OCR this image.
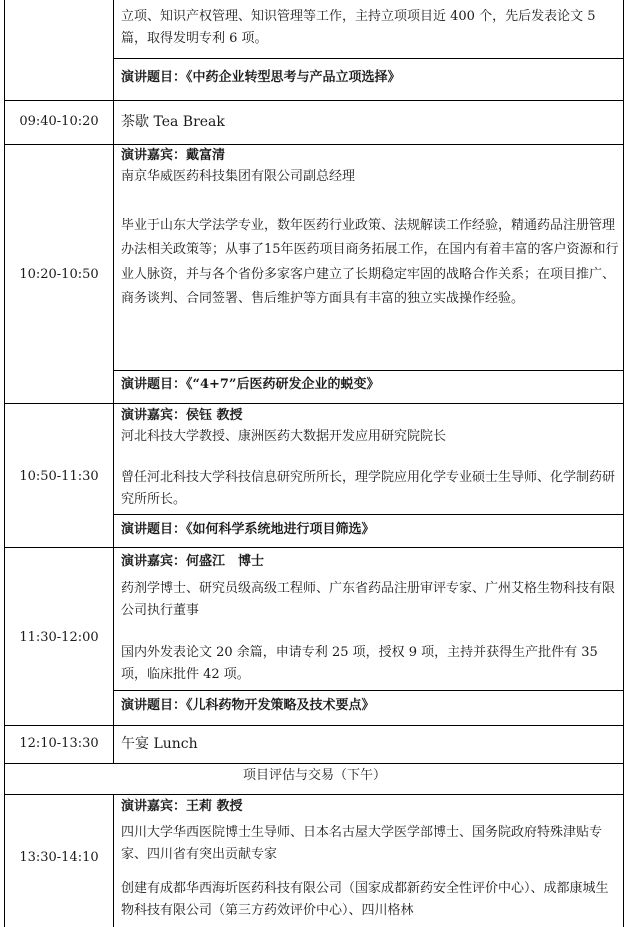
立项、知识产权管理、知识管理等工作，主持立项项目近 400 个，先后发表论文 5 篇，取得发明专利 6 项。
演讲题目：《中药企业转型思考与产品立项选择》
09:40-10:20	茶歇 Tea Break
10:20-10:50
演讲嘉宾：戴富清
南京华威医药科技集团有限公司副总经理
毕业于山东大学法学专业，数年医药行业政策、法规解读工作经验，精通药品注册管理办法相关政策等；从事了15年医药项目商务拓展工作，在国内有着丰富的客户资源和行业人脉资，并与各个省份多家客户建立了长期稳定牢固的战略合作关系；在项目推广、商务谈判、合同签署、售后维护等方面具有丰富的独立实战操作经验。
演讲题目：《“4+7”后医药研发企业的蜕变》
10:50-11:30
演讲嘉宾：侯钰 教授
河北科技大学教授、康洲医药大数据开发应用研究院院长
曾任河北科技大学科技信息研究所所长，理学院应用化学专业硕士生导师、化学制药研究所所长。
演讲题目：《如何科学系统地进行项目筛选》
11:30-12:00
演讲嘉宾：何盛江　博士
药剂学博士、研究员级高级工程师、广东省药品注册审评专家、广州艾格生物科技有限公司执行董事
国内外发表论文 20 余篇，申请专利 25 项，授权 9 项，主持并获得生产批件有 35 项，临床批件 42 项。
演讲题目：《儿科药物开发策略及技术要点》
12:10-13:30	午宴 Lunch
项目评估与交易（下午）
13:30-14:10
演讲嘉宾：王莉 教授
四川大学华西医院博士生导师、日本名古屋大学医学部博士、国务院政府特殊津贴专家、四川省有突出贡献专家
创建有成都华西海圻医药科技有限公司（国家成都新药安全性评价中心）、成都康城生物科技有限公司（第三方药效评价中心）、四川格林
